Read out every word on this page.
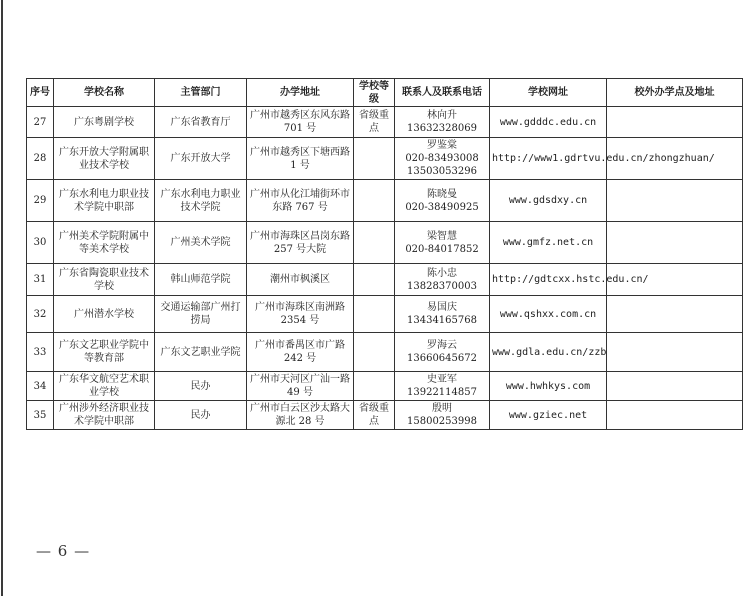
序号	学校名称	主管部门	办学地址	学校等级	联系人及联系电话	学校网址	校外办学点及地址
27	广东粤剧学校	广东省教育厅	广州市越秀区东风东路 701 号	省级重点	林向升
13632328069	www.gdddc.edu.cn	
28	广东开放大学附属职业技术学校	广东开放大学	广州市越秀区下塘西路 1 号		罗鉴棠
020-83493008 13503053296	http://www1.gdrtvu.edu.cn/zhongzhuan/	
29	广东水利电力职业技术学院中职部	广东水利电力职业技术学院	广州市从化江埔街环市东路 767 号		陈晓曼
020-38490925	www.gdsdxy.cn	
30	广州美术学院附属中等美术学校	广州美术学院	广州市海珠区昌岗东路 257 号大院		梁智慧
020-84017852	www.gmfz.net.cn	
31	广东省陶瓷职业技术学校	韩山师范学院	潮州市枫溪区		陈小忠
13828370003	http://gdtcxx.hstc.edu.cn/	
32	广州潜水学校	交通运输部广州打捞局	广州市海珠区南洲路 2354 号		易国庆
13434165768	www.qshxx.com.cn	
33	广东文艺职业学院中等教育部	广东文艺职业学院	广州市番禺区市广路 242 号		罗海云
13660645672	www.gdla.edu.cn/zzb	
34	广东华文航空艺术职业学校	民办	广州市天河区广汕一路 49 号		史亚军
13922114857	www.hwhkys.com	
35	广州涉外经济职业技术学院中职部	民办	广州市白云区沙太路大源北 28 号	省级重点	殷明
15800253998	www.gziec.net	
— 6 —
